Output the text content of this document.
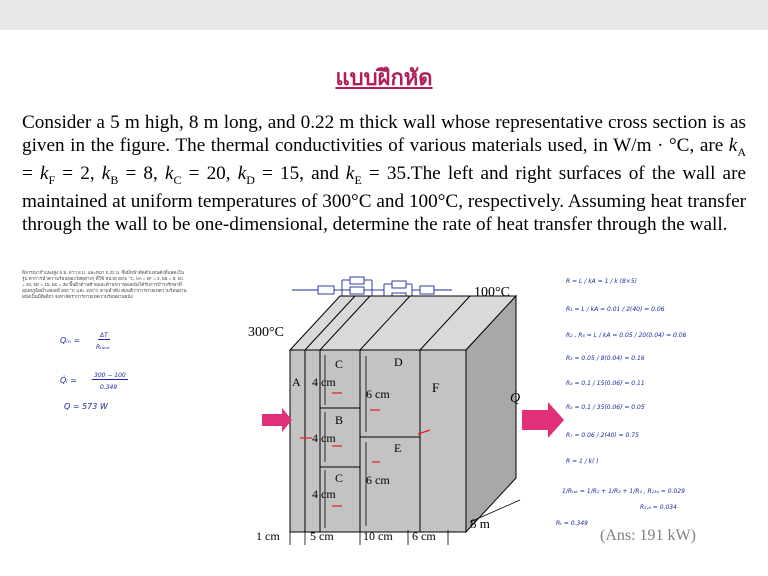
แบบฝึกหัด
Consider a 5 m high, 8 m long, and 0.22 m thick wall whose representative cross section is as given in the figure. The thermal conductivities of various materials used, in W/m · °C, are $k_A = k_F = 2$, $k_B = 8$, $k_C = 20$, $k_D = 15$, and $k_E = 35.The$ left and right surfaces of the wall are maintained at uniform temperatures of 300°C and 100°C, respectively. Assuming heat transfer through the wall to be one-dimensional, determine the rate of heat transfer through the wall.
พิจารณากำแพงสูง 5 ม. ยาว 8 ม. และหนา 0.22 ม. ซึ่งมีหน้าตัดตัวแทนดังที่แสดงในรูป ค่าการนำความร้อนของวัสดุต่างๆ ที่ใช้ หน่วย W/m °C, kA = kF = 2, kB = 8, kC = 20, kD = 15, kE = 35 พื้นผิวด้านซ้ายและด้านขวาของผนังได้รับการบำรุงรักษาที่อุณหภูมิสม่ำเสมอที่ 300 °C และ 100°C ตามลำดับ สมมติว่าการถ่ายเทความร้อนผ่านผนังเป็นมิติเดียว จงหาอัตราการถ่ายเทความร้อนผ่านผนัง
Qᵢₙ =
ΔT
Rₜₒₜₐₗ
Q̇ᵢ =
300 − 100
0.349
Q = 573 W
R = L / kA = 1 / k (8×5)
R₁ = L / kA = 0.01 / 2(40) = 0.06
R₂ , R₆ = L / kA = 0.05 / 20(0.04) = 0.06
R₃ = 0.05 / 8(0.04) = 0.16
R₄ = 0.1 / 15(0.06) = 0.11
R₅ = 0.1 / 35(0.06) = 0.05
R₇ = 0.06 / 2(40) = 0.75
R = 1 / k( )
1/Rₜₒₜ = 1/R₂ + 1/R₃ + 1/R₄ , R₂₃₄ = 0.029
R₅,₆ = 0.034
Rₜ = 0.349
300°C
100°C
A
C
4 cm
B
4 cm
C
4 cm
D
6 cm
E
6 cm
F
Q̇
8 m
1 cm	5 cm 10 cm 6 cm	(Ans: 191 kW)
